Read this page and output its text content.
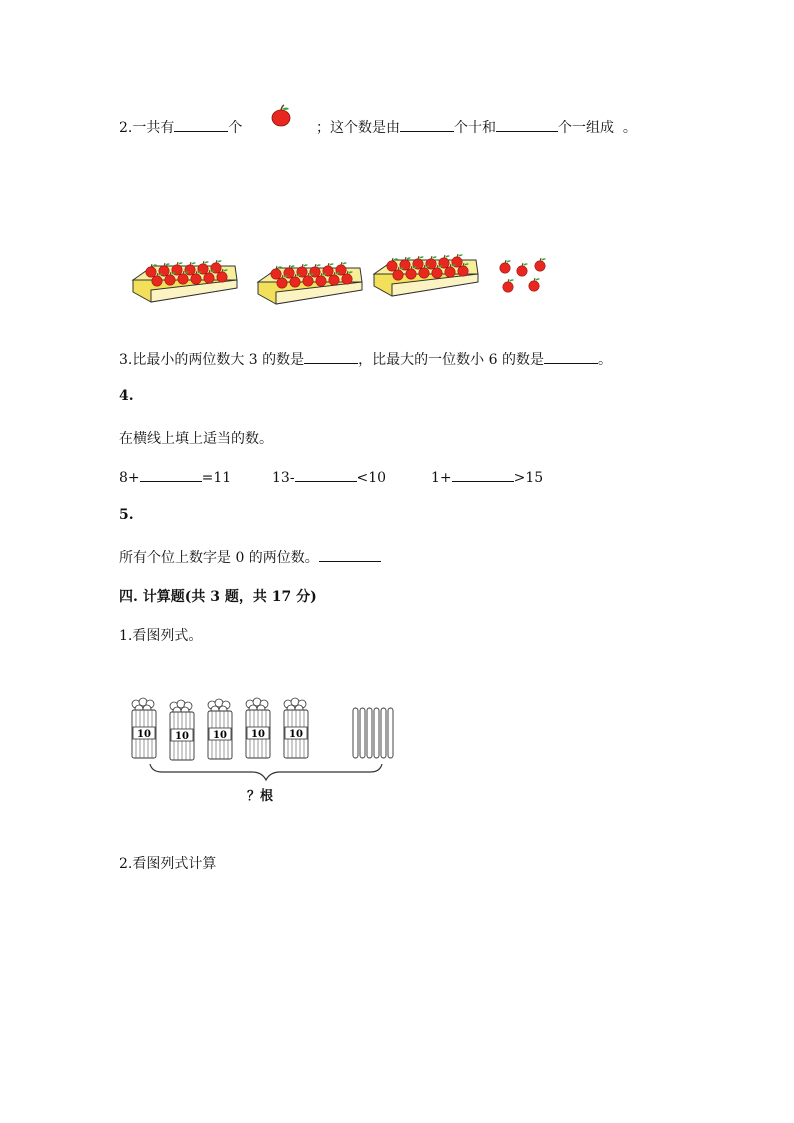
2.一共有	个	；这个数是由	个十和	个一组成 。
3.比最小的两位数大 3 的数是	，比最大的一位数小 6 的数是	。
4.
在横线上填上适当的数。
8+	=11	13-	<10	1+	>15
5.
所有个位上数字是 0 的两位数。
四. 计算题(共 3 题，共 17 分)
1.看图列式。
10 10 10 10 10
？根
2.看图列式计算
